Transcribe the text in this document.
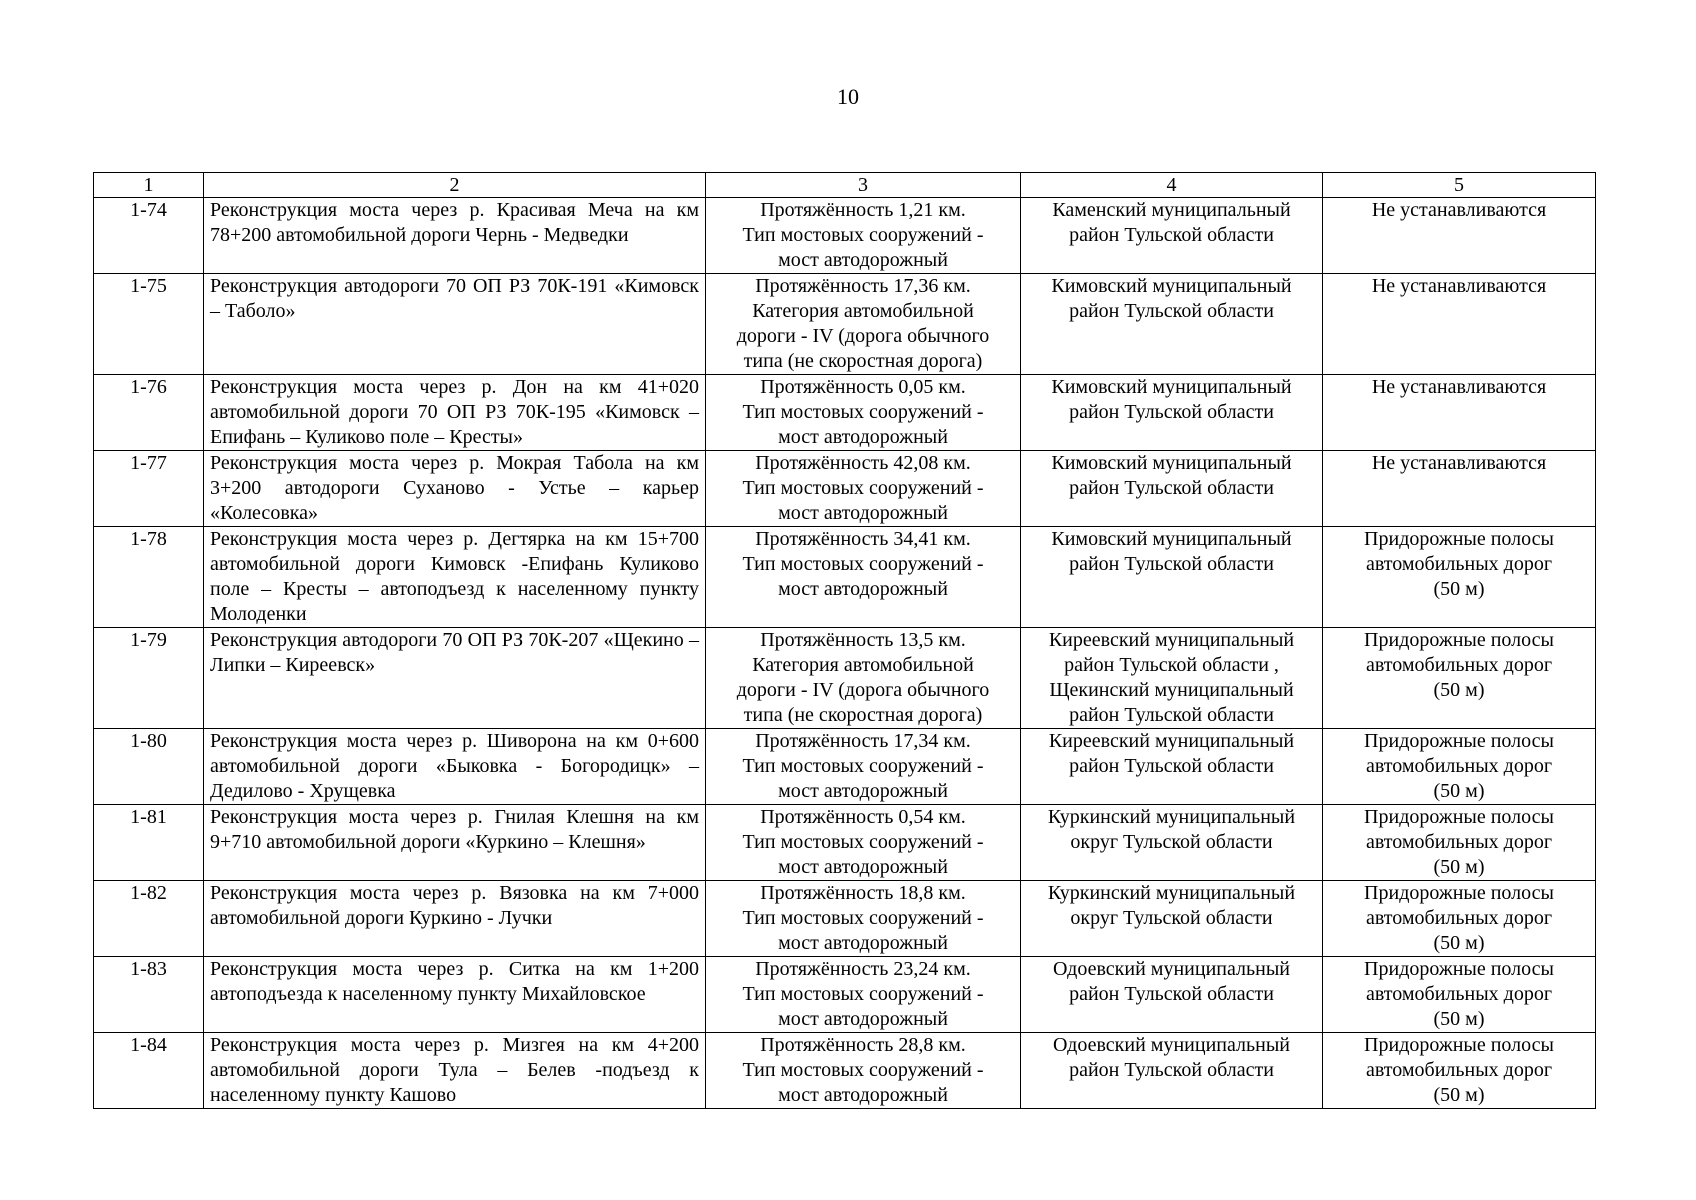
10
1	2	3	4	5
1-74	Реконструкция моста через р. Красивая Меча на км 78+200 автомобильной дороги Чернь - Медведки	Протяжённость 1,21 км.
Тип мостовых сооружений -
мост автодорожный	Каменский муниципальный
район Тульской области	Не устанавливаются

1-75	Реконструкция автодороги 70 ОП РЗ 70К-191 «Кимовск – Таболо»	Протяжённость 17,36 км.
Категория автомобильной
дороги - IV (дорога обычного
типа (не скоростная дорога)	Кимовский муниципальный
район Тульской области	Не устанавливаются

1-76	Реконструкция моста через р. Дон на км 41+020 автомобильной дороги 70 ОП РЗ 70К-195 «Кимовск – Епифань – Куликово поле – Кресты»	Протяжённость 0,05 км.
Тип мостовых сооружений -
мост автодорожный	Кимовский муниципальный
район Тульской области	Не устанавливаются

1-77	Реконструкция моста через р. Мокрая Табола на км 3+200 автодороги Суханово - Устье – карьер «Колесовка»	Протяжённость 42,08 км.
Тип мостовых сооружений -
мост автодорожный	Кимовский муниципальный
район Тульской области	Не устанавливаются

1-78	Реконструкция моста через р. Дегтярка на км 15+700 автомобильной дороги Кимовск -Епифань Куликово поле – Кресты – автоподъезд к населенному пункту Молоденки	Протяжённость 34,41 км.
Тип мостовых сооружений -
мост автодорожный	Кимовский муниципальный
район Тульской области	Придорожные полосы
автомобильных дорог
(50 м)

1-79	Реконструкция автодороги 70 ОП РЗ 70К-207 «Щекино – Липки – Киреевск»	Протяжённость 13,5 км.
Категория автомобильной
дороги - IV (дорога обычного
типа (не скоростная дорога)	Киреевский муниципальный
район Тульской области ,
Щекинский муниципальный
район Тульской области	Придорожные полосы
автомобильных дорог
(50 м)

1-80	Реконструкция моста через р. Шиворона на км 0+600 автомобильной дороги «Быковка - Богородицк» – Дедилово - Хрущевка	Протяжённость 17,34 км.
Тип мостовых сооружений -
мост автодорожный	Киреевский муниципальный
район Тульской области	Придорожные полосы
автомобильных дорог
(50 м)

1-81	Реконструкция моста через р. Гнилая Клешня на км 9+710 автомобильной дороги «Куркино – Клешня»	Протяжённость 0,54 км.
Тип мостовых сооружений -
мост автодорожный	Куркинский муниципальный
округ Тульской области	Придорожные полосы
автомобильных дорог
(50 м)

1-82	Реконструкция моста через р. Вязовка на км 7+000 автомобильной дороги Куркино - Лучки	Протяжённость 18,8 км.
Тип мостовых сооружений -
мост автодорожный	Куркинский муниципальный
округ Тульской области	Придорожные полосы
автомобильных дорог
(50 м)

1-83	Реконструкция моста через р. Ситка на км 1+200 автоподъезда к населенному пункту Михайловское	Протяжённость 23,24 км.
Тип мостовых сооружений -
мост автодорожный	Одоевский муниципальный
район Тульской области	Придорожные полосы
автомобильных дорог
(50 м)

1-84	Реконструкция моста через р. Мизгея на км 4+200 автомобильной дороги Тула – Белев -подъезд к населенному пункту Кашово	Протяжённость 28,8 км.
Тип мостовых сооружений -
мост автодорожный	Одоевский муниципальный
район Тульской области	Придорожные полосы
автомобильных дорог
(50 м)
